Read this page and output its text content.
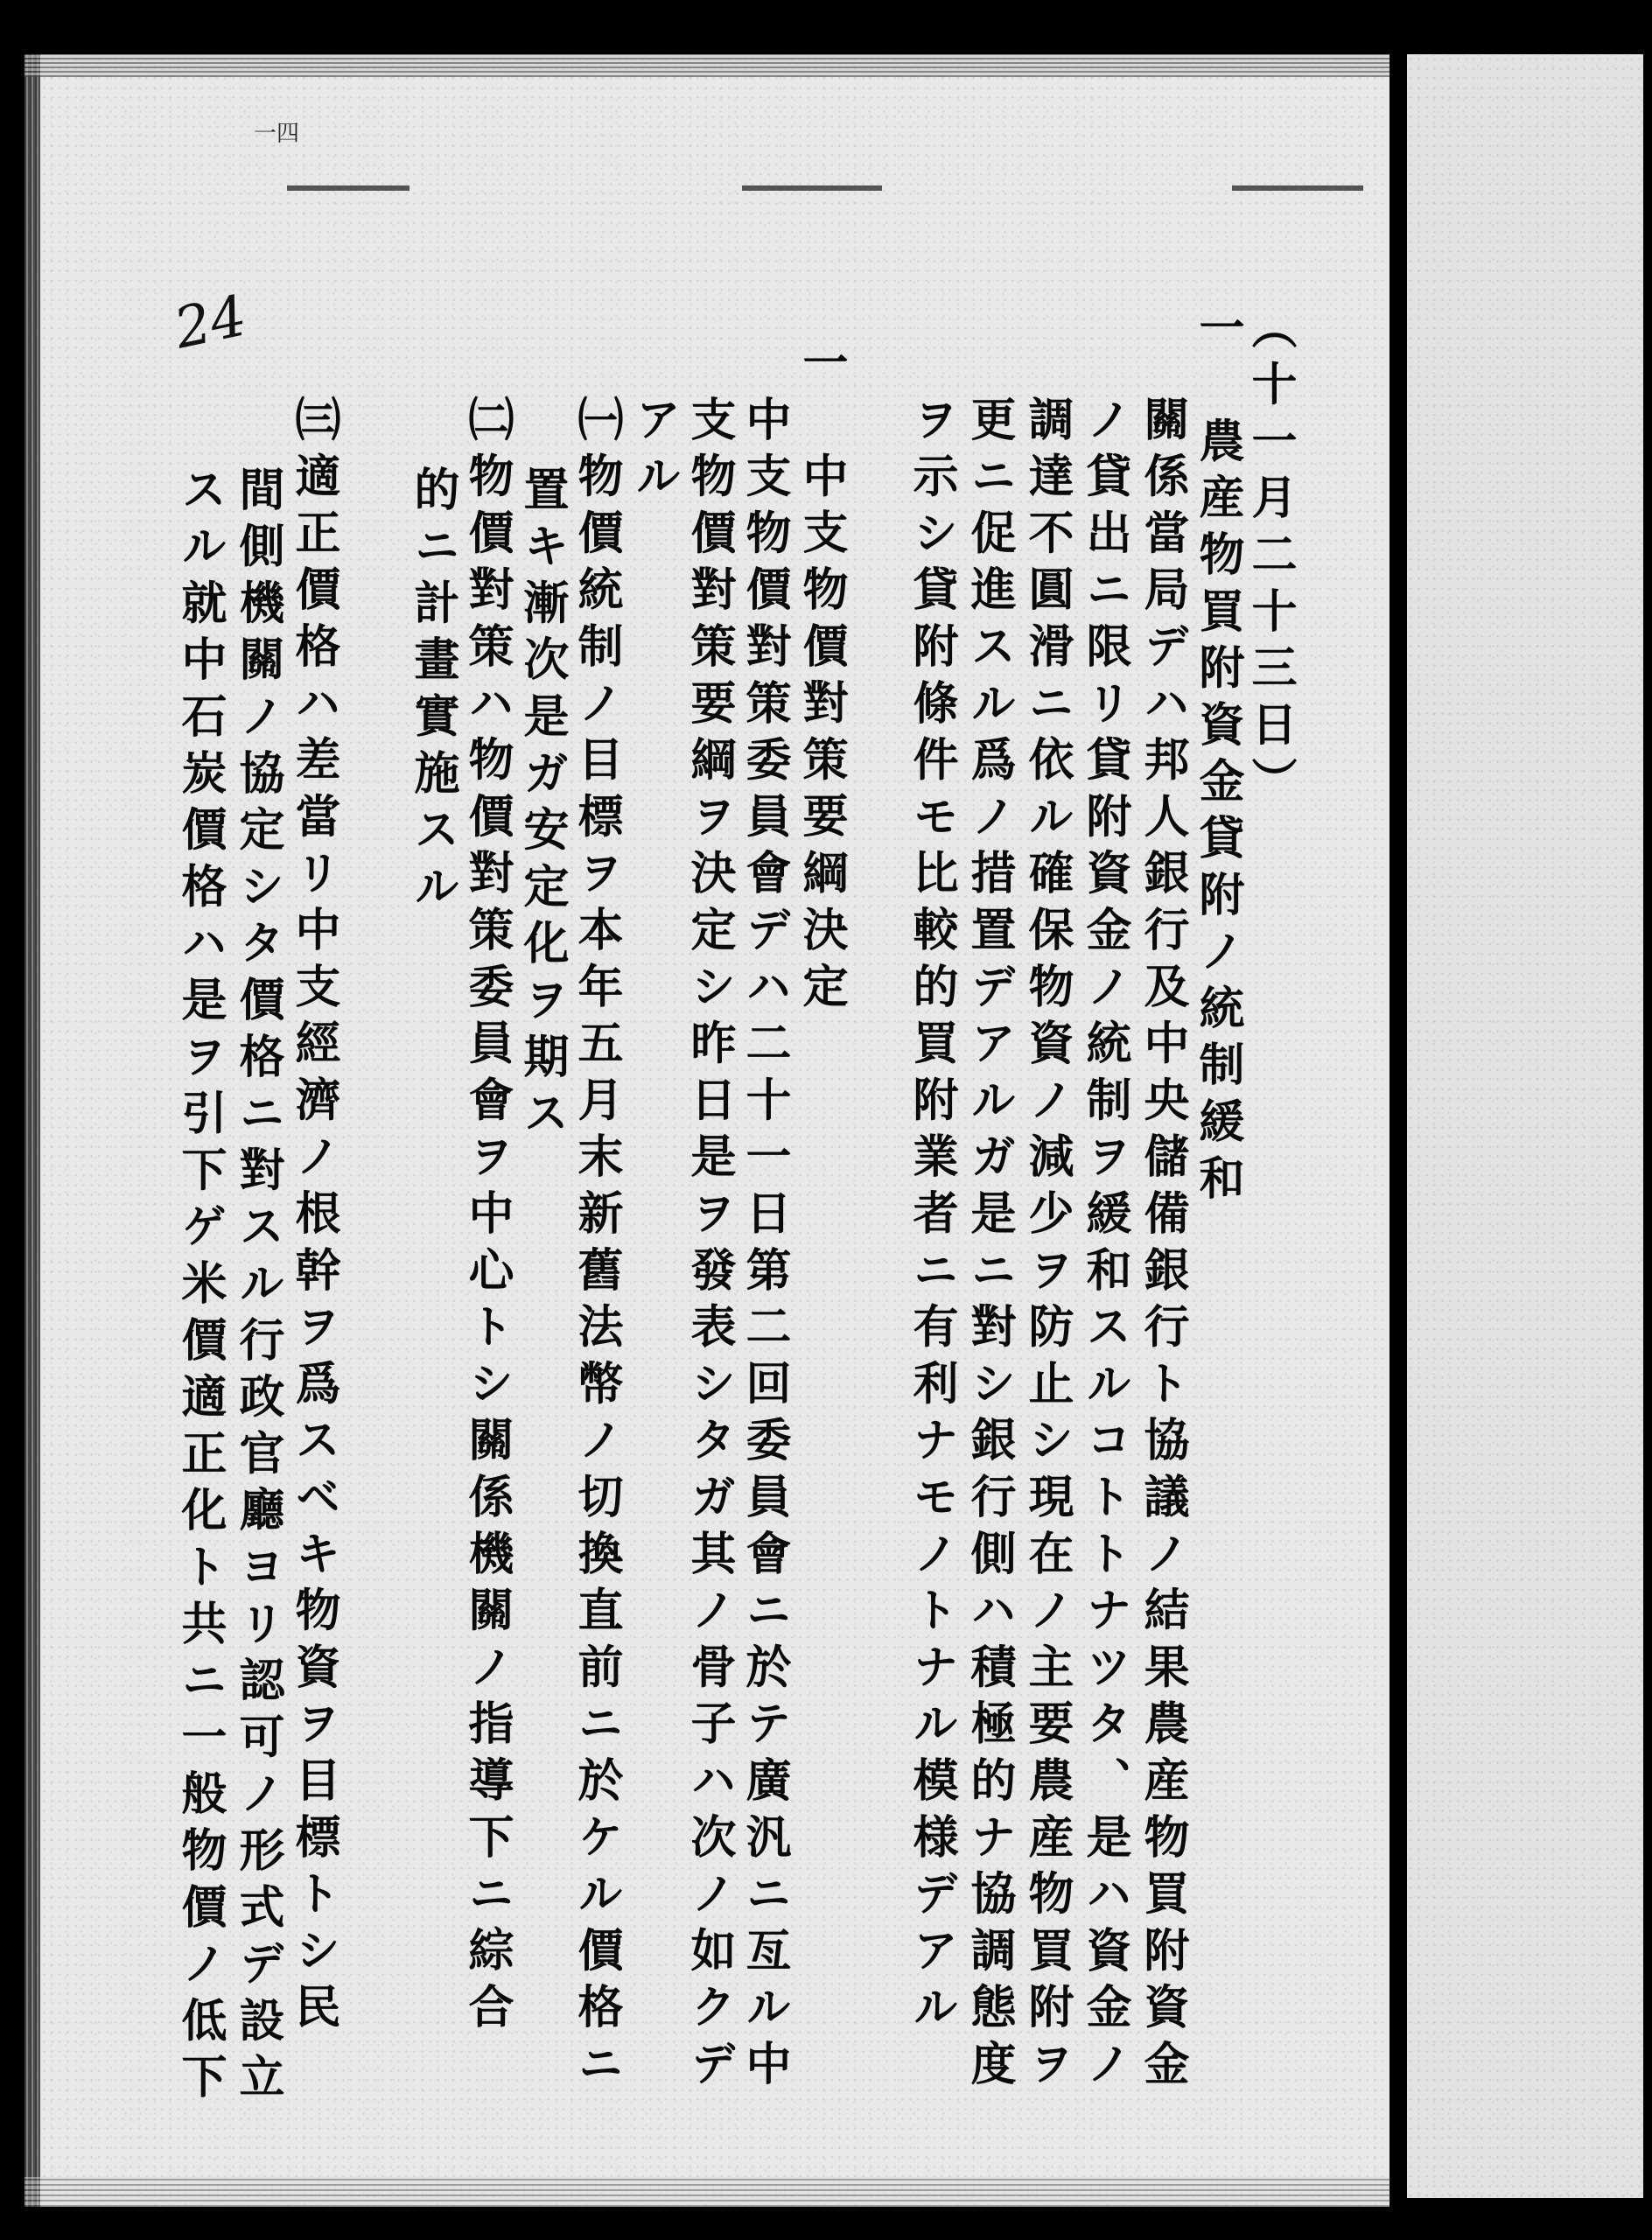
一四
24	（十一月二十三日）
一　農産物買附資金貸附ノ統制緩和
關係當局デハ邦人銀行及中央儲備銀行ト協議ノ結果農産物買附資金
ノ貸出ニ限リ貸附資金ノ統制ヲ緩和スルコトトナツタ、是ハ資金ノ
調達不圓滑ニ依ル確保物資ノ減少ヲ防止シ現在ノ主要農産物買附ヲ
更ニ促進スル爲ノ措置デアルガ是ニ對シ銀行側ハ積極的ナ協調態度
ヲ示シ貸附條件モ比較的買附業者ニ有利ナモノトナル模様デアル
一　中支物價對策要綱決定
中支物價對策委員會デハ二十一日第二回委員會ニ於テ廣汎ニ亙ル中
支物價對策要綱ヲ決定シ昨日是ヲ發表シタガ其ノ骨子ハ次ノ如クデ
アル
㈠物價統制ノ目標ヲ本年五月末新舊法幣ノ切換直前ニ於ケル價格ニ
置キ漸次是ガ安定化ヲ期ス
㈡物價對策ハ物價對策委員會ヲ中心トシ關係機關ノ指導下ニ綜合
的ニ計畫實施スル
㈢適正價格ハ差當リ中支經濟ノ根幹ヲ爲スベキ物資ヲ目標トシ民
間側機關ノ協定シタ價格ニ對スル行政官廳ヨリ認可ノ形式デ設立
スル就中石炭價格ハ是ヲ引下ゲ米價適正化ト共ニ一般物價ノ低下
